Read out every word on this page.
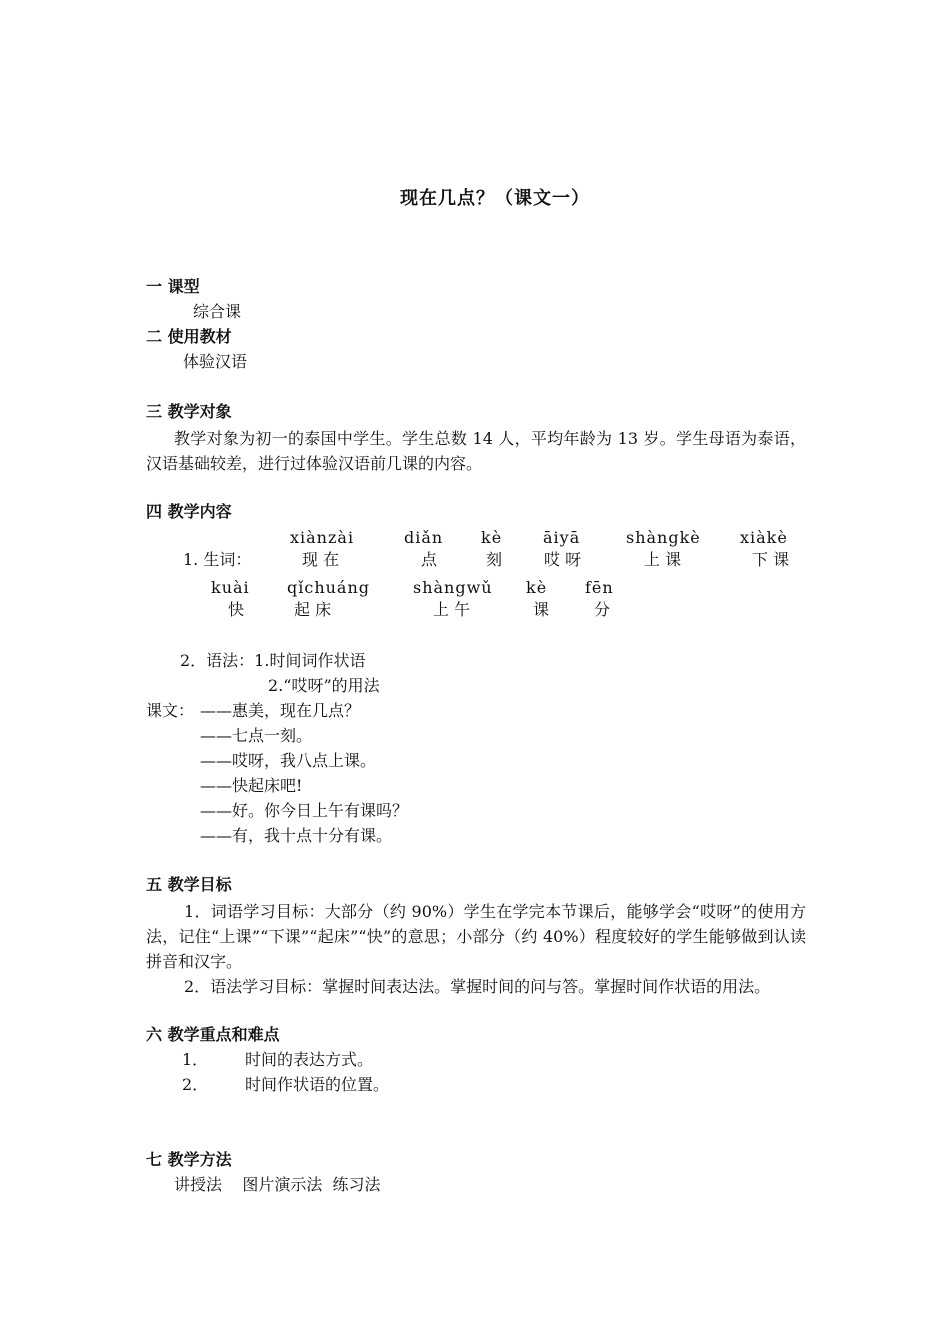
现在几点？（课文一）
一 课型
综合课
二 使用教材
体验汉语
三 教学对象
教学对象为初一的泰国中学生。学生总数 14 人，平均年龄为 13 岁。学生母语为泰语，汉语基础较差，进行过体验汉语前几课的内容。
四 教学内容
1. 生词：
xiànzài
现 在
diǎn
点
kè
刻
āiyā
哎 呀
shàngkè
上 课
xiàkè
下 课
kuài
快
qǐchuáng
起 床
shàngwǔ
上 午
kè
课
fēn
分
2．语法：1.时间词作状语
2.“哎呀”的用法
课文： ——惠美，现在几点？
——七点一刻。
——哎呀，我八点上课。
——快起床吧!
——好。你今日上午有课吗？
——有，我十点十分有课。
五 教学目标
1．词语学习目标：大部分（约 90%）学生在学完本节课后，能够学会“哎呀”的使用方法，记住“上课”“下课”“起床”“快”的意思；小部分（约 40%）程度较好的学生能够做到认读拼音和汉字。
2．语法学习目标：掌握时间表达法。掌握时间的问与答。掌握时间作状语的用法。
六 教学重点和难点
1． 时间的表达方式。
2． 时间作状语的位置。
七 教学方法
讲授法    图片演示法  练习法
